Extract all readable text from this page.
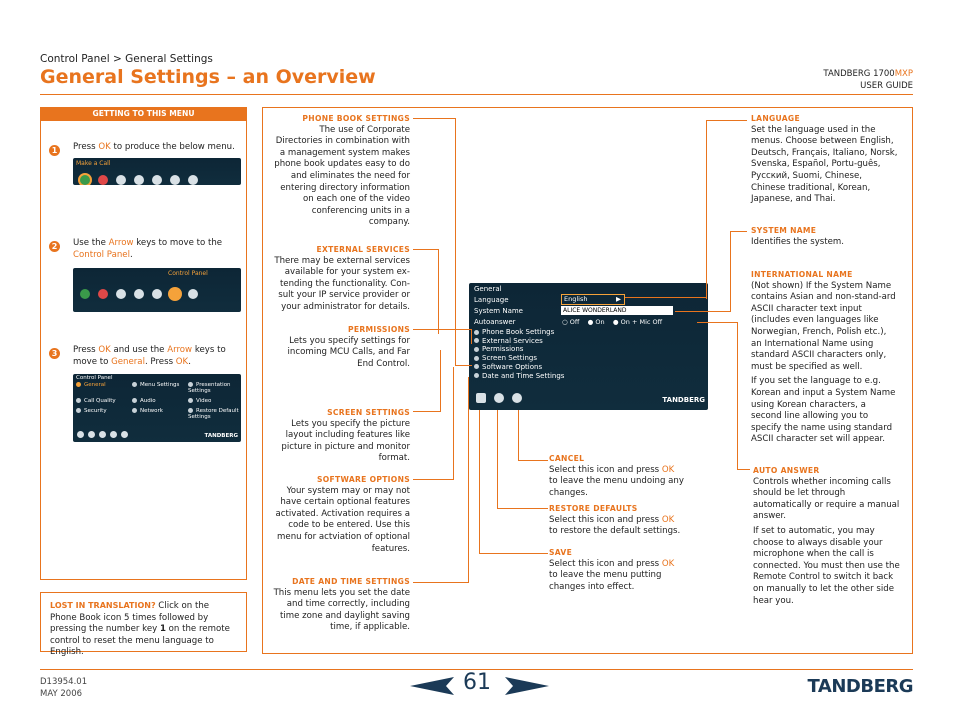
Control Panel > General Settings
General Settings – an Overview	TANDBERG 1700MXP
USER GUIDE
GETTING TO THIS MENU
1	Press OK to produce the below menu.
Make a Call
2	Use the Arrow keys to move to the Control Panel.
Control Panel
3	Press OK and use the Arrow keys to move to General. Press OK.
Control Panel
General	Menu Settings	Presentation Settings
Call Quality	Audio	Video
Security	Network	Restore Default Settings
TANDBERG
LOST IN TRANSLATION? Click on the Phone Book icon 5 times followed by pressing the number key 1 on the remote control to reset the menu language to English.
PHONE BOOK SETTINGS
The use of Corporate Directories in combination with a management system makes phone book updates easy to do and eliminates the need for entering directory information on each one of the video conferencing units in a company.
EXTERNAL SERVICES
There may be external services available for your system ex-tending the functionality. Con-sult your IP service provider or your administrator for details.
PERMISSIONS
Lets you specify settings for incoming MCU Calls, and Far End Control.
SCREEN SETTINGS
Lets you specify the picture layout including features like picture in picture and monitor format.
SOFTWARE OPTIONS
Your system may or may not have certain optional features activated. Activation requires a code to be entered. Use this menu for actviation of optional features.
DATE AND TIME SETTINGS
This menu lets you set the date and time correctly, including time zone and daylight saving time, if applicable.
General
Language	English	▶
System Name	ALICE WONDERLAND
Autoanswer	○ Off ● On ● On + Mic Off
Phone Book Settings
External Services
Permissions
Screen Settings
Software Options
Date and Time Settings
TANDBERG
CANCEL
Select this icon and press OK to leave the menu undoing any changes.
RESTORE DEFAULTS
Select this icon and press OK to restore the default settings.
SAVE
Select this icon and press OK to leave the menu putting changes into effect.
LANGUAGE
Set the language used in the menus. Choose between English, Deutsch, Français, Italiano, Norsk, Svenska, Español, Portu-guês, Русский, Suomi, Chinese, Chinese traditional, Korean, Japanese, and Thai.
SYSTEM NAME
Identifies the system.
INTERNATIONAL NAME
(Not shown) If the System Name contains Asian and non-stand-ard ASCII character text input (includes even languages like Norwegian, French, Polish etc.), an International Name using standard ASCII characters only, must be specified as well.
If you set the language to e.g. Korean and input a System Name using Korean characters, a second line allowing you to specify the name using standard ASCII character set will appear.
AUTO ANSWER
Controls whether incoming calls should be let through automatically or require a manual answer.
If set to automatic, you may choose to always disable your microphone when the call is connected. You must then use the Remote Control to switch it back on manually to let the other side hear you.
D13954.01
MAY 2006	61	TANDBERG
